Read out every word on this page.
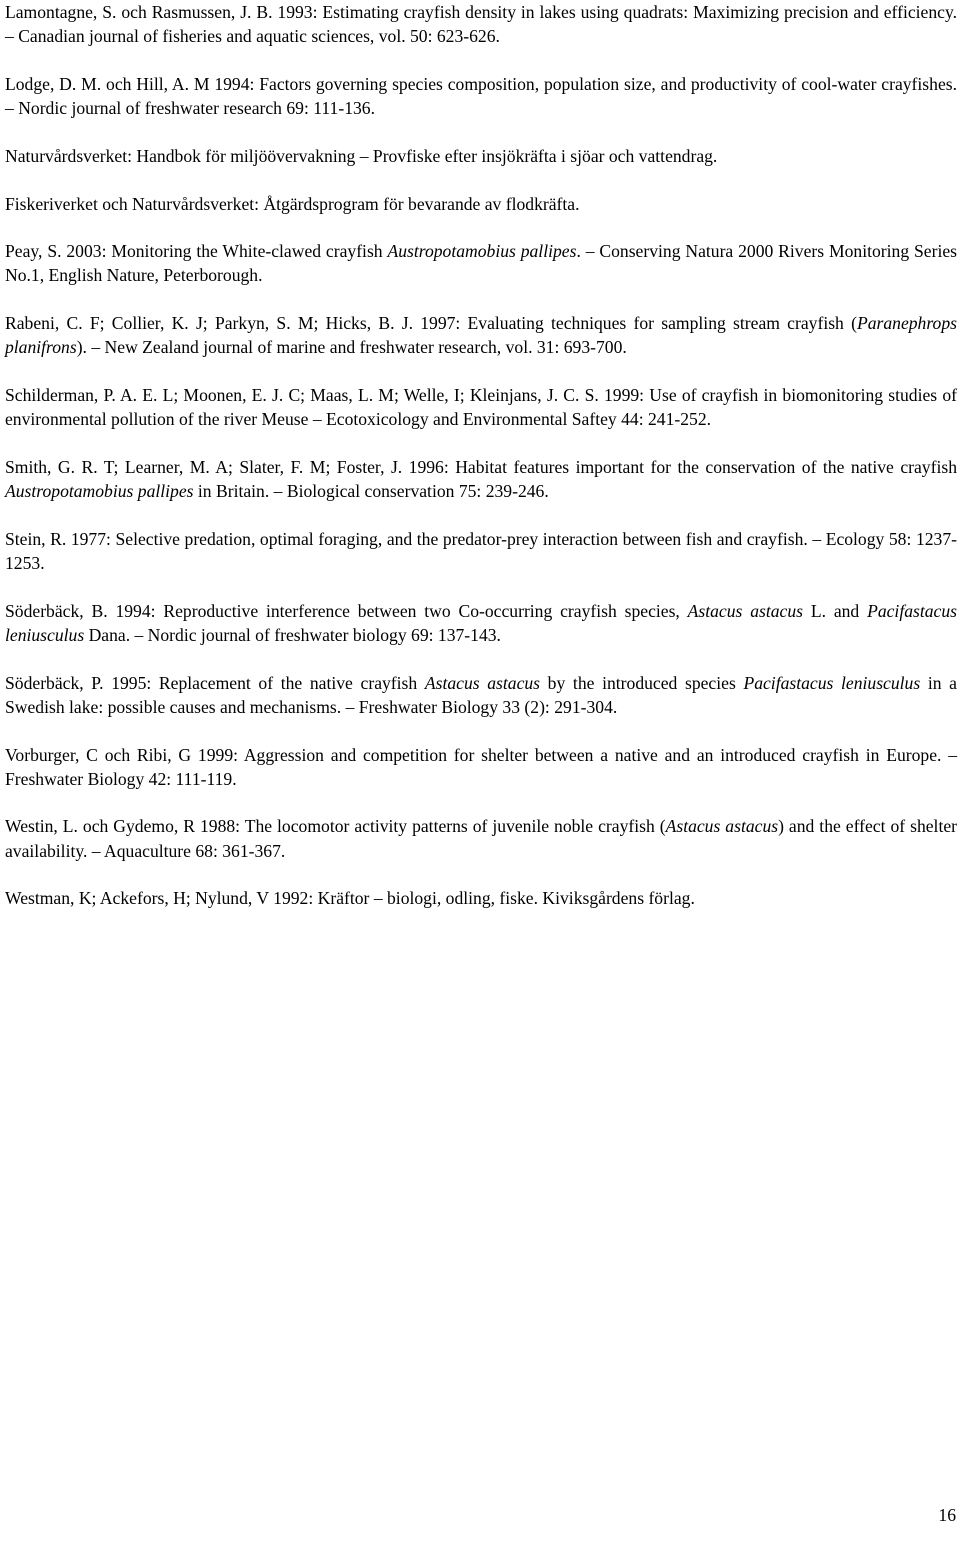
Lamontagne, S. och Rasmussen, J. B. 1993: Estimating crayfish density in lakes using quadrats: Maximizing precision and efficiency. – Canadian journal of fisheries and aquatic sciences, vol. 50: 623-626.

Lodge, D. M. och Hill, A. M 1994: Factors governing species composition, population size, and productivity of cool-water crayfishes. – Nordic journal of freshwater research 69: 111-136.

Naturvårdsverket: Handbok för miljöövervakning – Provfiske efter insjökräfta i sjöar och vattendrag.

Fiskeriverket och Naturvårdsverket: Åtgärdsprogram för bevarande av flodkräfta.

Peay, S. 2003: Monitoring the White-clawed crayfish Austropotamobius pallipes. – Conserving Natura 2000 Rivers Monitoring Series No.1, English Nature, Peterborough.

Rabeni, C. F; Collier, K. J; Parkyn, S. M; Hicks, B. J. 1997: Evaluating techniques for sampling stream crayfish (Paranephrops planifrons). – New Zealand journal of marine and freshwater research, vol. 31: 693-700.

Schilderman, P. A. E. L; Moonen, E. J. C; Maas, L. M; Welle, I; Kleinjans, J. C. S. 1999: Use of crayfish in biomonitoring studies of environmental pollution of the river Meuse – Ecotoxicology and Environmental Saftey 44: 241-252.

Smith, G. R. T; Learner, M. A; Slater, F. M; Foster, J. 1996: Habitat features important for the conservation of the native crayfish Austropotamobius pallipes in Britain. – Biological conservation 75: 239-246.

Stein, R. 1977: Selective predation, optimal foraging, and the predator-prey interaction between fish and crayfish. – Ecology 58: 1237-1253.

Söderbäck, B. 1994: Reproductive interference between two Co-occurring crayfish species, Astacus astacus L. and Pacifastacus leniusculus Dana. – Nordic journal of freshwater biology 69: 137-143.

Söderbäck, P. 1995: Replacement of the native crayfish Astacus astacus by the introduced species Pacifastacus leniusculus in a Swedish lake: possible causes and mechanisms. – Freshwater Biology 33 (2): 291-304.

Vorburger, C och Ribi, G 1999: Aggression and competition for shelter between a native and an introduced crayfish in Europe. – Freshwater Biology 42: 111-119.

Westin, L. och Gydemo, R 1988: The locomotor activity patterns of juvenile noble crayfish (Astacus astacus) and the effect of shelter availability. – Aquaculture 68: 361-367.

Westman, K; Ackefors, H; Nylund, V 1992: Kräftor – biologi, odling, fiske. Kiviksgårdens förlag.

16
